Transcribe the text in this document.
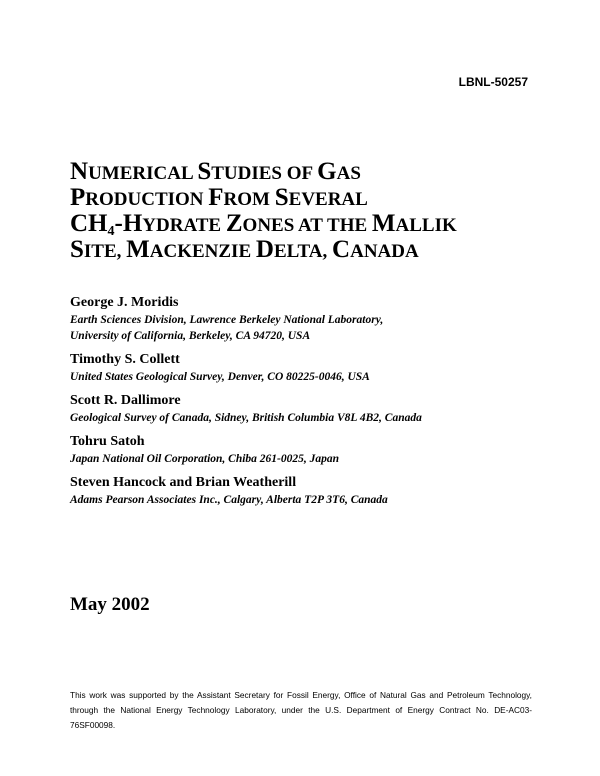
LBNL-50257
NUMERICAL STUDIES OF GAS
PRODUCTION FROM SEVERAL
$CH_4$-HYDRATE ZONES AT THE MALLIK
SITE, MACKENZIE DELTA, CANADA
George J. Moridis
Earth Sciences Division, Lawrence Berkeley National Laboratory,
University of California, Berkeley, CA 94720, USA
Timothy S. Collett
United States Geological Survey, Denver, CO 80225-0046, USA
Scott R. Dallimore
Geological Survey of Canada, Sidney, British Columbia V8L 4B2, Canada
Tohru Satoh
Japan National Oil Corporation, Chiba 261-0025, Japan
Steven Hancock and Brian Weatherill
Adams Pearson Associates Inc., Calgary, Alberta T2P 3T6, Canada
May 2002

This work was supported by the Assistant Secretary for Fossil Energy, Office of Natural Gas and Petroleum Technology, through the National Energy Technology Laboratory, under the U.S. Department of Energy Contract No. DE-AC03-76SF00098.
